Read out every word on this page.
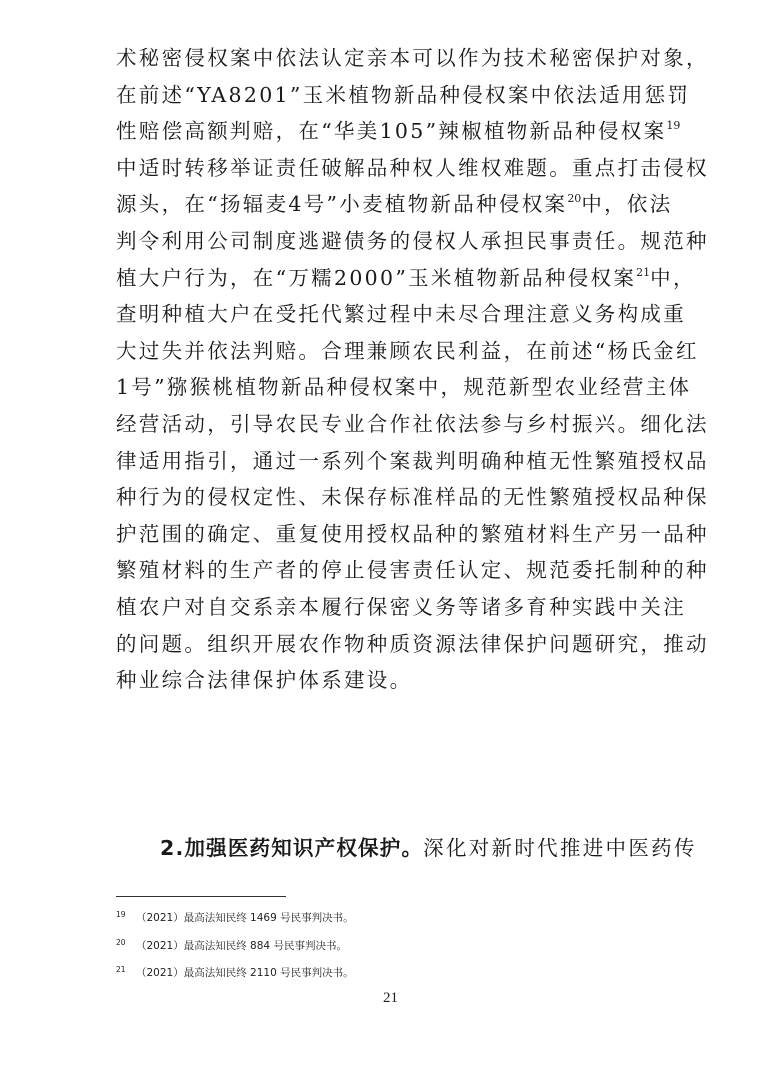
术秘密侵权案中依法认定亲本可以作为技术秘密保护对象，
在前述“YA8201”玉米植物新品种侵权案中依法适用惩罚
性赔偿高额判赔，在“华美105”辣椒植物新品种侵权案$^{19}$
中适时转移举证责任破解品种权人维权难题。重点打击侵权
源头，在“扬辐麦4号”小麦植物新品种侵权案$^{20}$中，依法
判令利用公司制度逃避债务的侵权人承担民事责任。规范种
植大户行为，在“万糯2000”玉米植物新品种侵权案$^{21}$中，
查明种植大户在受托代繁过程中未尽合理注意义务构成重
大过失并依法判赔。合理兼顾农民利益，在前述“杨氏金红
1号”猕猴桃植物新品种侵权案中，规范新型农业经营主体
经营活动，引导农民专业合作社依法参与乡村振兴。细化法
律适用指引，通过一系列个案裁判明确种植无性繁殖授权品
种行为的侵权定性、未保存标准样品的无性繁殖授权品种保
护范围的确定、重复使用授权品种的繁殖材料生产另一品种
繁殖材料的生产者的停止侵害责任认定、规范委托制种的种
植农户对自交系亲本履行保密义务等诸多育种实践中关注
的问题。组织开展农作物种质资源法律保护问题研究，推动
种业综合法律保护体系建设。
2.加强医药知识产权保护。深化对新时代推进中医药传
19 （2021）最高法知民终 1469 号民事判决书。
20 （2021）最高法知民终 884 号民事判决书。
21 （2021）最高法知民终 2110 号民事判决书。
21
